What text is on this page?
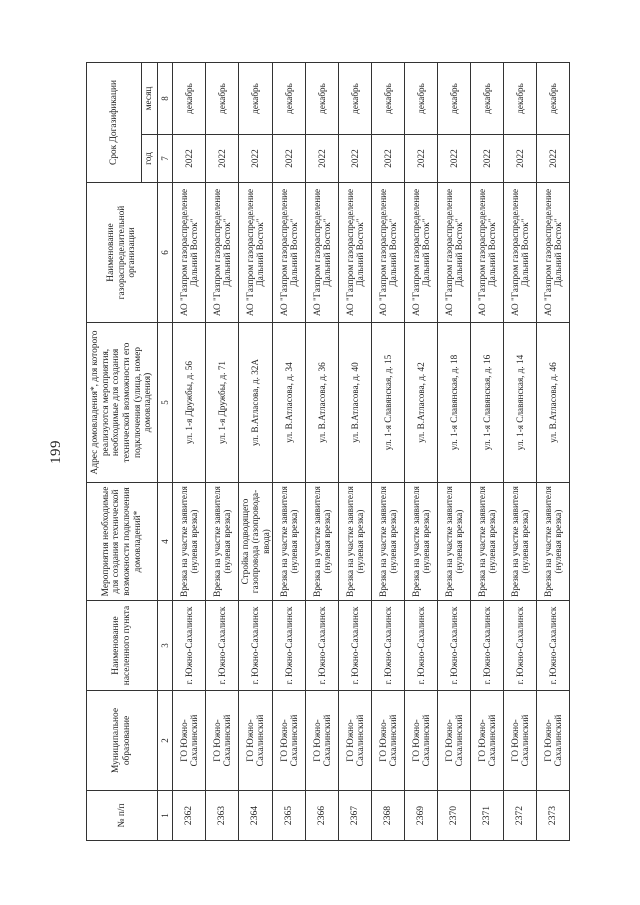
199
№ п/п	Муниципальное образование	Наименование населенного пункта	Мероприятия необходимые для создания технической возможности подключения домовладений*	Адрес домовладения*, для которого реализуются мероприятия, необходимые для создания технической возможности его подключения (улица, номер домовладения)	Наименование газораспределительной организации	Срок Догазификации	
						год	месяц
1	2	3	4	5	6	7	8
2362	ГО Южно-Сахалинский	г. Южно-Сахалинск	Врезка на участке заявителя (нулевая врезка)	ул. 1-я Дружбы, д. 56	АО "Газпром газораспределение Дальний Восток"	2022	декабрь
2363	ГО Южно-Сахалинский	г. Южно-Сахалинск	Врезка на участке заявителя (нулевая врезка)	ул. 1-я Дружбы, д. 71	АО "Газпром газораспределение Дальний Восток"	2022	декабрь
2364	ГО Южно-Сахалинский	г. Южно-Сахалинск	Стройка подводящего газопровода (газопровода-ввода)	ул. В.Атласова, д. 32А	АО "Газпром газораспределение Дальний Восток"	2022	декабрь
2365	ГО Южно-Сахалинский	г. Южно-Сахалинск	Врезка на участке заявителя (нулевая врезка)	ул. В.Атласова, д. 34	АО "Газпром газораспределение Дальний Восток"	2022	декабрь
2366	ГО Южно-Сахалинский	г. Южно-Сахалинск	Врезка на участке заявителя (нулевая врезка)	ул. В.Атласова, д. 36	АО "Газпром газораспределение Дальний Восток"	2022	декабрь
2367	ГО Южно-Сахалинский	г. Южно-Сахалинск	Врезка на участке заявителя (нулевая врезка)	ул. В.Атласова, д. 40	АО "Газпром газораспределение Дальний Восток"	2022	декабрь
2368	ГО Южно-Сахалинский	г. Южно-Сахалинск	Врезка на участке заявителя (нулевая врезка)	ул. 1-я Славянская, д. 15	АО "Газпром газораспределение Дальний Восток"	2022	декабрь
2369	ГО Южно-Сахалинский	г. Южно-Сахалинск	Врезка на участке заявителя (нулевая врезка)	ул. В.Атласова, д. 42	АО "Газпром газораспределение Дальний Восток"	2022	декабрь
2370	ГО Южно-Сахалинский	г. Южно-Сахалинск	Врезка на участке заявителя (нулевая врезка)	ул. 1-я Славянская, д. 18	АО "Газпром газораспределение Дальний Восток"	2022	декабрь
2371	ГО Южно-Сахалинский	г. Южно-Сахалинск	Врезка на участке заявителя (нулевая врезка)	ул. 1-я Славянская, д. 16	АО "Газпром газораспределение Дальний Восток"	2022	декабрь
2372	ГО Южно-Сахалинский	г. Южно-Сахалинск	Врезка на участке заявителя (нулевая врезка)	ул. 1-я Славянская, д. 14	АО "Газпром газораспределение Дальний Восток"	2022	декабрь
2373	ГО Южно-Сахалинский	г. Южно-Сахалинск	Врезка на участке заявителя (нулевая врезка)	ул. В.Атласова, д. 46	АО "Газпром газораспределение Дальний Восток"	2022	декабрь
